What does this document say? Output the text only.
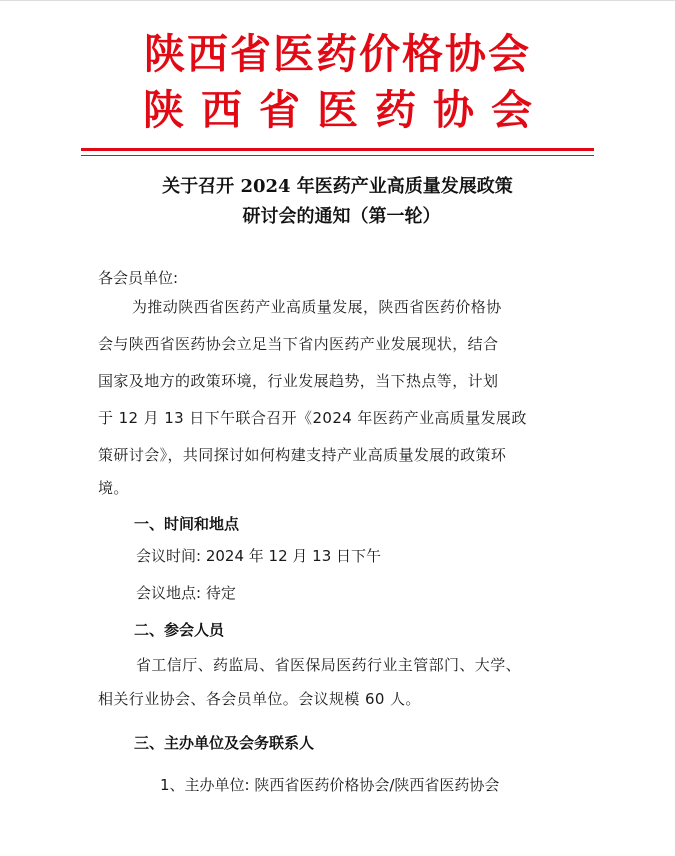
陕西省医药价格协会
陕西省医药协会
关于召开 2024 年医药产业高质量发展政策
研讨会的通知（第一轮）
各会员单位:
为推动陕西省医药产业高质量发展，陕西省医药价格协
会与陕西省医药协会立足当下省内医药产业发展现状，结合
国家及地方的政策环境，行业发展趋势，当下热点等，计划
于 12 月 13 日下午联合召开《2024 年医药产业高质量发展政
策研讨会》，共同探讨如何构建支持产业高质量发展的政策环
境。
一、时间和地点
会议时间: 2024 年 12 月 13 日下午
会议地点: 待定
二、参会人员
省工信厅、药监局、省医保局医药行业主管部门、大学、
相关行业协会、各会员单位。会议规模 60 人。
三、主办单位及会务联系人
1、主办单位: 陕西省医药价格协会/陕西省医药协会
